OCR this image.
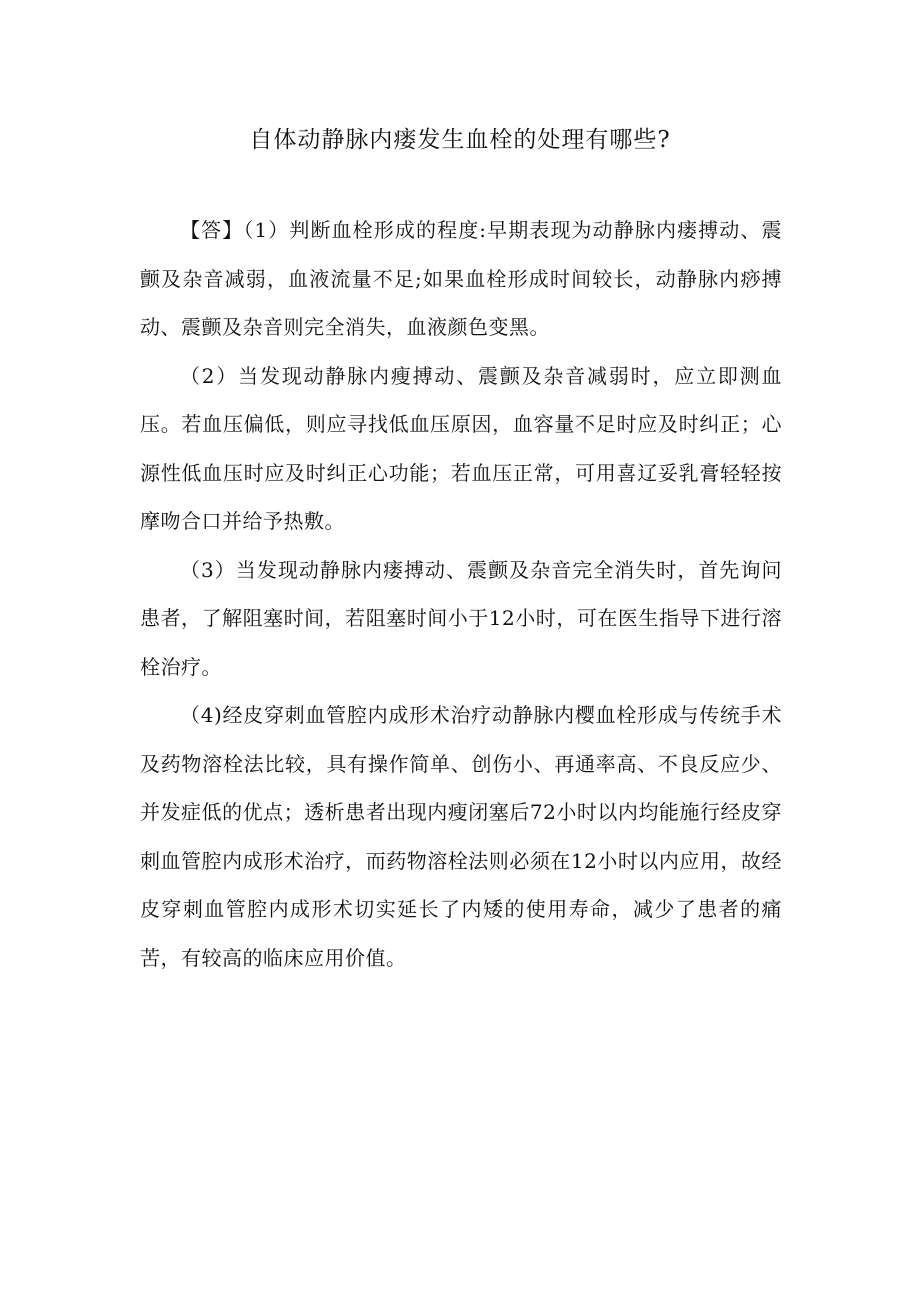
自体动静脉内瘘发生血栓的处理有哪些?

【答】（1）判断血栓形成的程度:早期表现为动静脉内瘘搏动、震颤及杂音减弱，血液流量不足;如果血栓形成时间较长，动静脉内痧搏动、震颤及杂音则完全消失，血液颜色变黑。

（2）当发现动静脉内瘦搏动、震颤及杂音减弱时，应立即测血压。若血压偏低，则应寻找低血压原因，血容量不足时应及时纠正；心源性低血压时应及时纠正心功能；若血压正常，可用喜辽妥乳膏轻轻按摩吻合口并给予热敷。

（3）当发现动静脉内瘘搏动、震颤及杂音完全消失时，首先询问患者，了解阻塞时间，若阻塞时间小于12小时，可在医生指导下进行溶栓治疗。

（4)经皮穿刺血管腔内成形术治疗动静脉内樱血栓形成与传统手术及药物溶栓法比较，具有操作简单、创伤小、再通率高、不良反应少、并发症低的优点；透析患者出现内瘦闭塞后72小时以内均能施行经皮穿刺血管腔内成形术治疗，而药物溶栓法则必须在12小时以内应用，故经皮穿刺血管腔内成形术切实延长了内矮的使用寿命，减少了患者的痛苦，有较高的临床应用价值。
